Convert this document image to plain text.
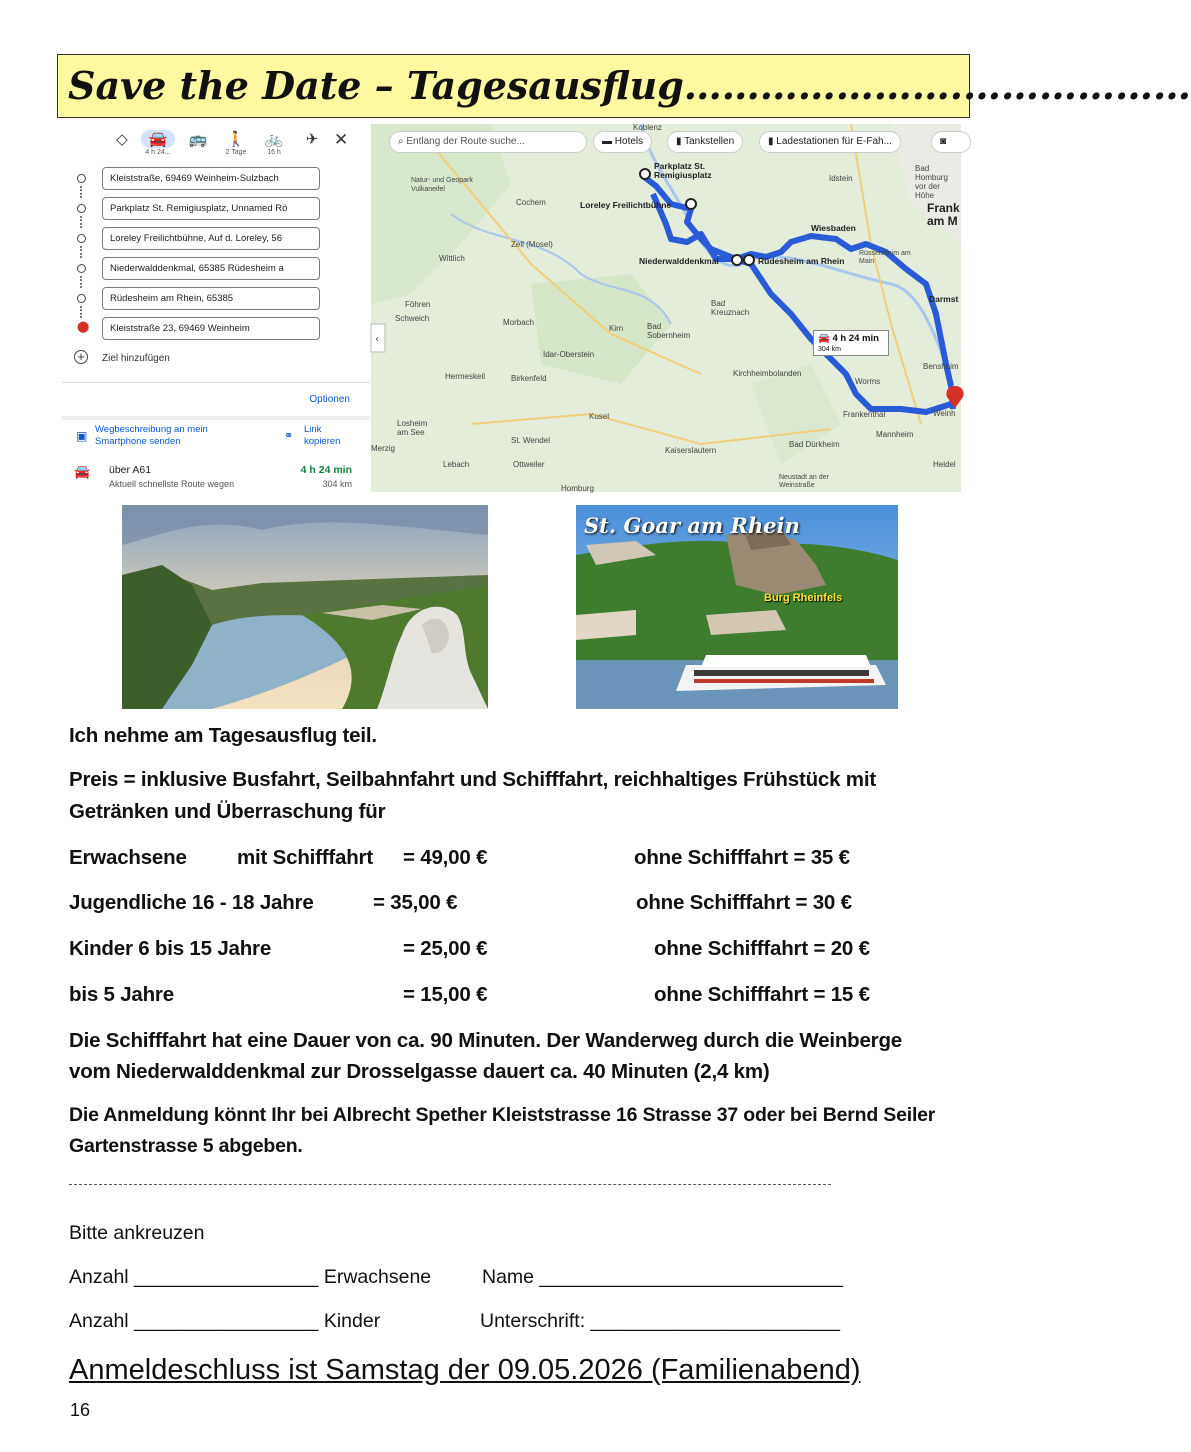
Save the Date – Tagesausflug………………….………………
◇	🚘
4 h 24...
🚌	🚶
2 Tage
🚲
16 h
✈ ✕
Kleiststraße, 69469 Weinheim-Sulzbach
Parkplatz St. Remigiusplatz, Unnamed Rö
Loreley Freilichtbühne, Auf d. Loreley, 56
Niederwalddenkmal, 65385 Rüdesheim a
Rüdesheim am Rhein, 65385
⬤	Kleiststraße 23, 69469 Weinheim
+ Ziel hinzufügen
Optionen
▣ Wegbeschreibung an mein Smartphone senden	⚭
Link kopieren
🚘 über A61
Aktuell schnellste Route wegen
4 h 24 min
304 km
‹
⌕ Entlang der Route suche...	▬ Hotels	▮ Tankstellen	▮ Ladestationen für E-Fah...	◙
Koblenz
Parkplatz St. Remigiusplatz
Loreley Freilichtbühne
Niederwalddenkmal	Rüdesheim am Rhein
Wiesbaden
Frank am M
Cochem
Zell (Mosel)
Wittlich
Morbach
Idar-Oberstein
Bad Kreuznach
Bad Sobernheim
Kirchheimbolanden
Worms
Frankenthal
Mannheim
Kaiserslautern
Kusel
St. Wendel
Birkenfeld
Hermeskeil
Bad Dürkheim
Darmst
Bensheim
Weinh
Heidel
Lebach	Ottweiler
Losheim am See
Merzig
Föhren
Schweich
Kirn
Idstein
Natur- und Geopark Vulkaneifel
Neustadt an der Weinstraße
Bad Homburg vor der Höhe
Rüsselsheim am Main
Homburg
🚘 4 h 24 min
304 km
St. Goar am Rhein
Burg Rheinfels
Ich nehme am Tagesausflug teil.
Preis = inklusive Busfahrt, Seilbahnfahrt und Schifffahrt, reichhaltiges Frühstück mit
Getränken und Überraschung für
Erwachsene mit Schifffahrt = 49,00 €	ohne Schifffahrt = 35 €
Jugendliche 16 - 18 Jahre	= 35,00 €	ohne Schifffahrt = 30 €
Kinder 6 bis 15 Jahre	= 25,00 €	ohne Schifffahrt = 20 €
bis 5 Jahre	= 15,00 €	ohne Schifffahrt = 15 €
Die Schifffahrt hat eine Dauer von ca. 90 Minuten. Der Wanderweg durch die Weinberge
vom Niederwalddenkmal zur Drosselgasse dauert ca. 40 Minuten (2,4 km)
Die Anmeldung könnt Ihr bei Albrecht Spether Kleiststrasse 16 Strasse 37 oder bei Bernd Seiler
Gartenstrasse 5 abgeben.
Bitte ankreuzen
Anzahl _________________ Erwachsene	Name ____________________________
Anzahl _________________ Kinder	Unterschrift: _______________________
Anmeldeschluss ist Samstag der 09.05.2026 (Familienabend)
16
